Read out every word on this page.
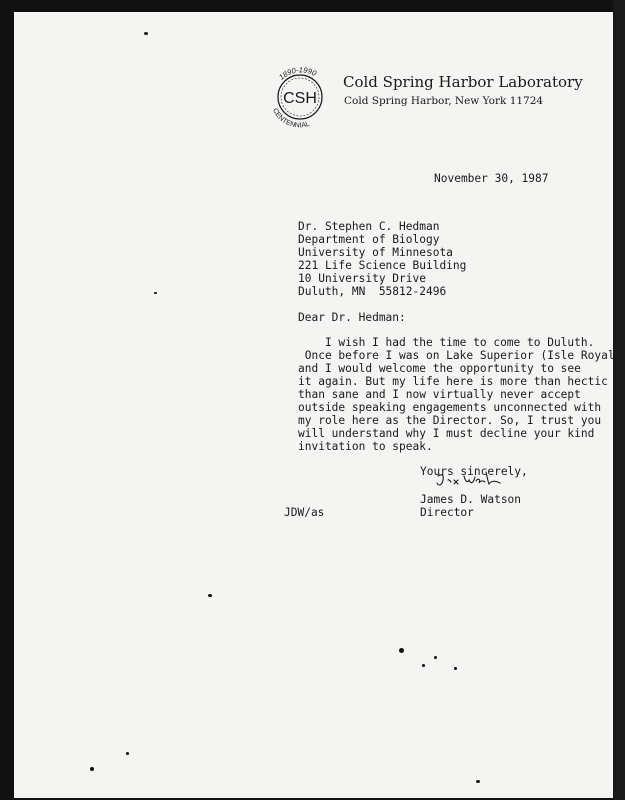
CSH
1890-1990
CENTENNIAL
Cold Spring Harbor Laboratory
Cold Spring Harbor, New York 11724
November 30, 1987
Dr. Stephen C. Hedman
Department of Biology
University of Minnesota
221 Life Science Building
10 University Drive
Duluth, MN  55812-2496
Dear Dr. Hedman:
I wish I had the time to come to Duluth.
Once before I was on Lake Superior (Isle Royal)
and I would welcome the opportunity to see
it again. But my life here is more than hectic
than sane and I now virtually never accept
outside speaking engagements unconnected with
my role here as the Director. So, I trust you
will understand why I must decline your kind
invitation to speak.
Yours sincerely,
James D. Watson
Director
JDW/as
